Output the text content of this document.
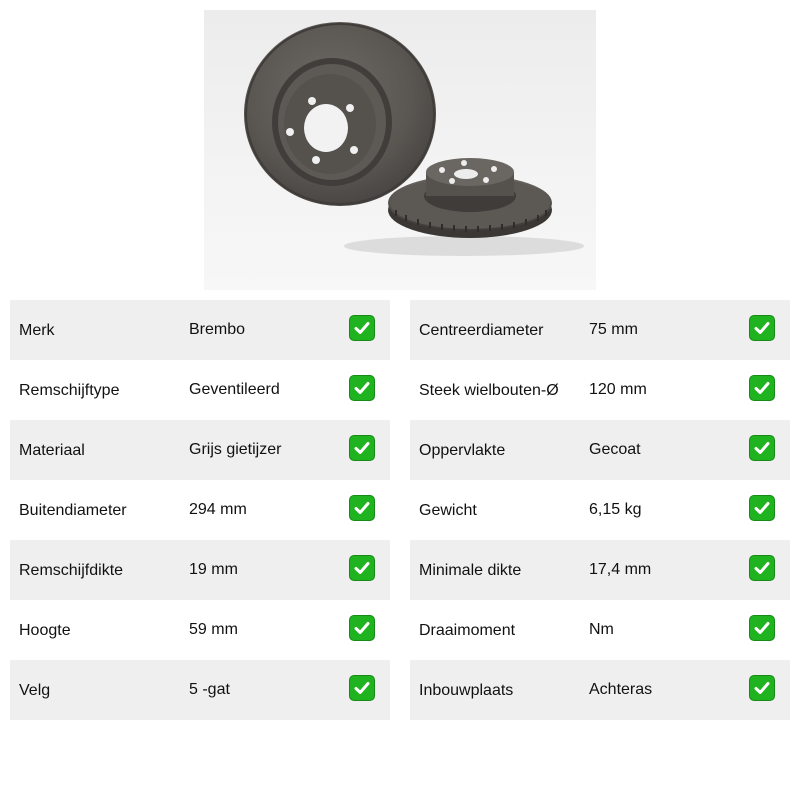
Merk	Brembo
Remschijftype	Geventileerd
Materiaal	Grijs gietijzer
Buitendiameter	294 mm
Remschijfdikte	19 mm
Hoogte	59 mm
Velg	5 -gat
Centreerdiameter	75 mm
Steek wielbouten-Ø 120 mm
Oppervlakte	Gecoat
Gewicht	6,15 kg
Minimale dikte	17,4 mm
Draaimoment	Nm
Inbouwplaats	Achteras
